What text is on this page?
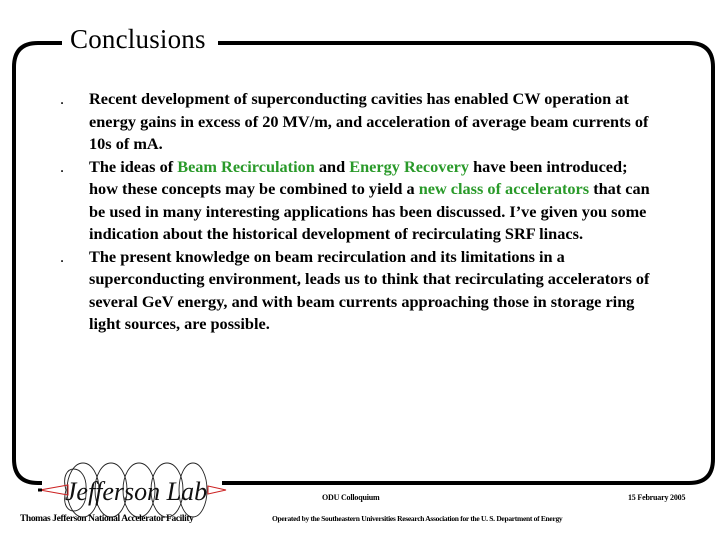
Conclusions
. Recent development of superconducting cavities has enabled CW operation at energy gains in excess of 20 MV/m, and acceleration of average beam currents of 10s of mA.
. The ideas of Beam Recirculation and Energy Recovery have been introduced; how these concepts may be combined to yield a new class of accelerators that can be used in many interesting applications has been discussed. I’ve given you some indication about the historical development of recirculating SRF linacs.
. The present knowledge on beam recirculation and its limitations in a superconducting environment, leads us to think that recirculating accelerators of several GeV energy, and with beam currents approaching those in storage ring light sources, are possible.
Jefferson Lab	ODU Colloquium	15 February 2005
Thomas Jefferson National Accelerator Facility	Operated by the Southeastern Universities Research Association for the U. S. Department of Energy
